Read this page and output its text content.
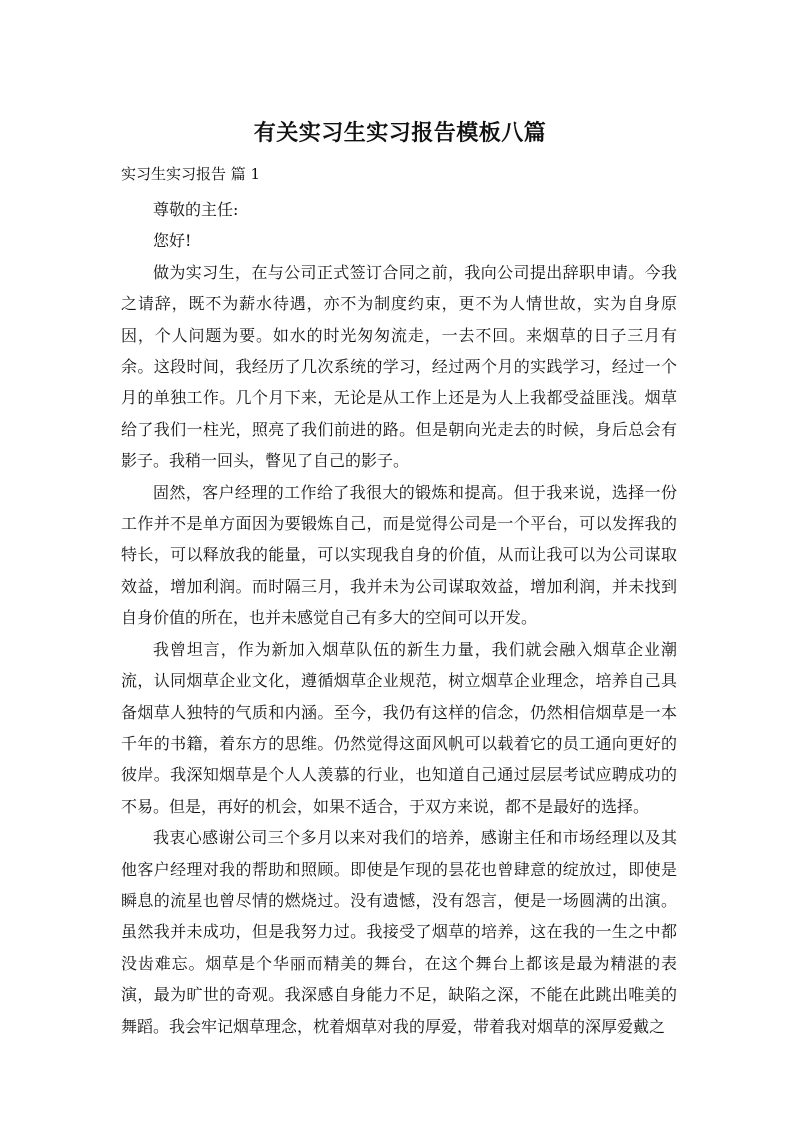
有关实习生实习报告模板八篇
实习生实习报告 篇 1

尊敬的主任:

您好!

做为实习生，在与公司正式签订合同之前，我向公司提出辞职申请。今我之请辞，既不为薪水待遇，亦不为制度约束，更不为人情世故，实为自身原因，个人问题为要。如水的时光匆匆流走，一去不回。来烟草的日子三月有余。这段时间，我经历了几次系统的学习，经过两个月的实践学习，经过一个月的单独工作。几个月下来，无论是从工作上还是为人上我都受益匪浅。烟草给了我们一柱光，照亮了我们前进的路。但是朝向光走去的时候，身后总会有影子。我稍一回头，瞥见了自己的影子。

固然，客户经理的工作给了我很大的锻炼和提高。但于我来说，选择一份工作并不是单方面因为要锻炼自己，而是觉得公司是一个平台，可以发挥我的特长，可以释放我的能量，可以实现我自身的价值，从而让我可以为公司谋取效益，增加利润。而时隔三月，我并未为公司谋取效益，增加利润，并未找到自身价值的所在，也并未感觉自己有多大的空间可以开发。

我曾坦言，作为新加入烟草队伍的新生力量，我们就会融入烟草企业潮流，认同烟草企业文化，遵循烟草企业规范，树立烟草企业理念，培养自己具备烟草人独特的气质和内涵。至今，我仍有这样的信念，仍然相信烟草是一本千年的书籍，着东方的思维。仍然觉得这面风帆可以载着它的员工通向更好的彼岸。我深知烟草是个人人羡慕的行业，也知道自己通过层层考试应聘成功的不易。但是，再好的机会，如果不适合，于双方来说，都不是最好的选择。

我衷心感谢公司三个多月以来对我们的培养，感谢主任和市场经理以及其他客户经理对我的帮助和照顾。即使是乍现的昙花也曾肆意的绽放过，即使是瞬息的流星也曾尽情的燃烧过。没有遗憾，没有怨言，便是一场圆满的出演。虽然我并未成功，但是我努力过。我接受了烟草的培养，这在我的一生之中都没齿难忘。烟草是个华丽而精美的舞台，在这个舞台上都该是最为精湛的表演，最为旷世的奇观。我深感自身能力不足，缺陷之深，不能在此跳出唯美的舞蹈。我会牢记烟草理念，枕着烟草对我的厚爱，带着我对烟草的深厚爱戴之
